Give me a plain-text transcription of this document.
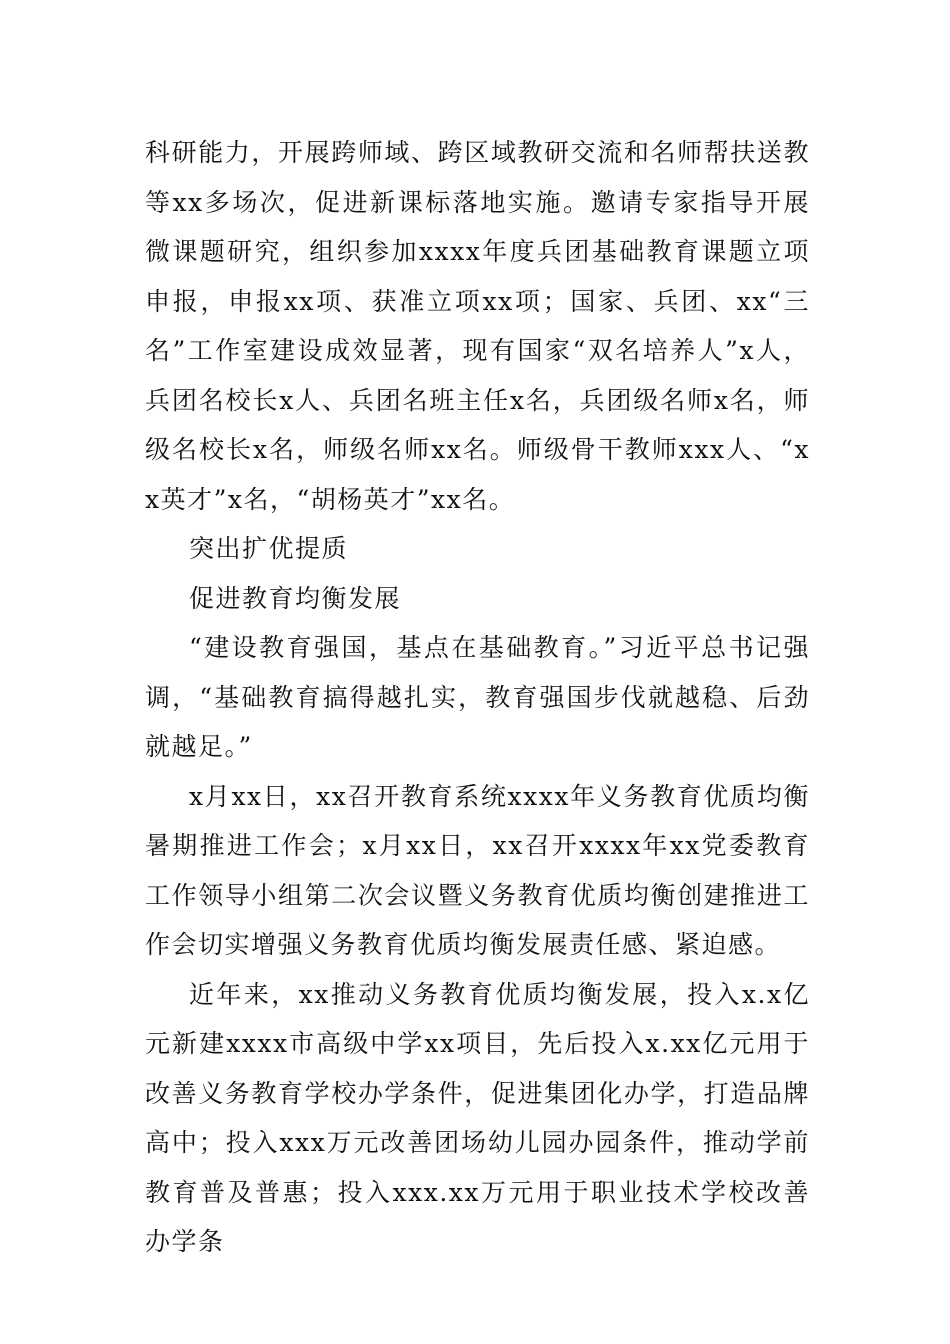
科研能力，开展跨师域、跨区域教研交流和名师帮扶送教等xx多场次，促进新课标落地实施。邀请专家指导开展微课题研究，组织参加xxxx年度兵团基础教育课题立项申报，申报xx项、获准立项xx项；国家、兵团、xx“三名”工作室建设成效显著，现有国家“双名培养人”x人，兵团名校长x人、兵团名班主任x名，兵团级名师x名，师级名校长x名，师级名师xx名。师级骨干教师xxx人、“xx英才”x名，“胡杨英才”xx名。

突出扩优提质

促进教育均衡发展

“建设教育强国，基点在基础教育。”习近平总书记强调，“基础教育搞得越扎实，教育强国步伐就越稳、后劲就越足。”

x月xx日，xx召开教育系统xxxx年义务教育优质均衡暑期推进工作会；x月xx日，xx召开xxxx年xx党委教育工作领导小组第二次会议暨义务教育优质均衡创建推进工作会切实增强义务教育优质均衡发展责任感、紧迫感。

近年来，xx推动义务教育优质均衡发展，投入x.x亿元新建xxxx市高级中学xx项目，先后投入x.xx亿元用于改善义务教育学校办学条件，促进集团化办学，打造品牌高中；投入xxx万元改善团场幼儿园办园条件，推动学前教育普及普惠；投入xxx.xx万元用于职业技术学校改善办学条
